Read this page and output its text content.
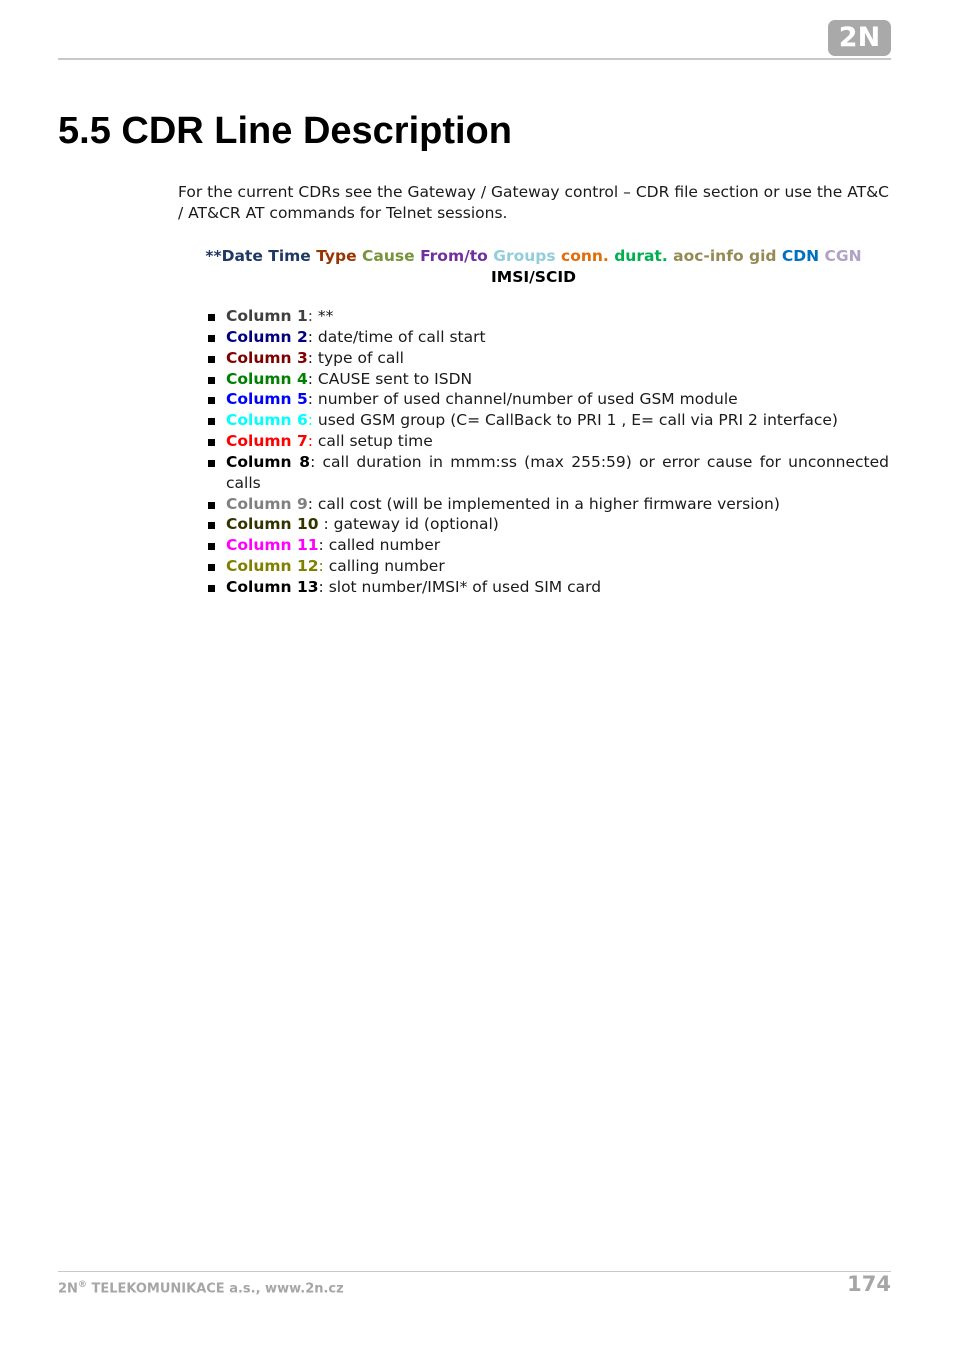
2N
5.5 CDR Line Description

For the current CDRs see the Gateway / Gateway control – CDR file section or use the AT&C / AT&CR AT commands for Telnet sessions.

**Date Time Type Cause From/to Groups conn. durat. aoc-info gid CDN CGN
IMSI/SCID

Column 1: **
Column 2: date/time of call start
Column 3: type of call
Column 4: CAUSE sent to ISDN
Column 5: number of used channel/number of used GSM module
Column 6: used GSM group (C= CallBack to PRI 1 , E= call via PRI 2 interface)
Column 7: call setup time
Column 8: call duration in mmm:ss (max 255:59) or error cause for unconnected calls
Column 9: call cost (will be implemented in a higher firmware version)
Column 10 : gateway id (optional)
Column 11: called number
Column 12: calling number
Column 13: slot number/IMSI* of used SIM card
2N® TELEKOMUNIKACE a.s., www.2n.cz	174
